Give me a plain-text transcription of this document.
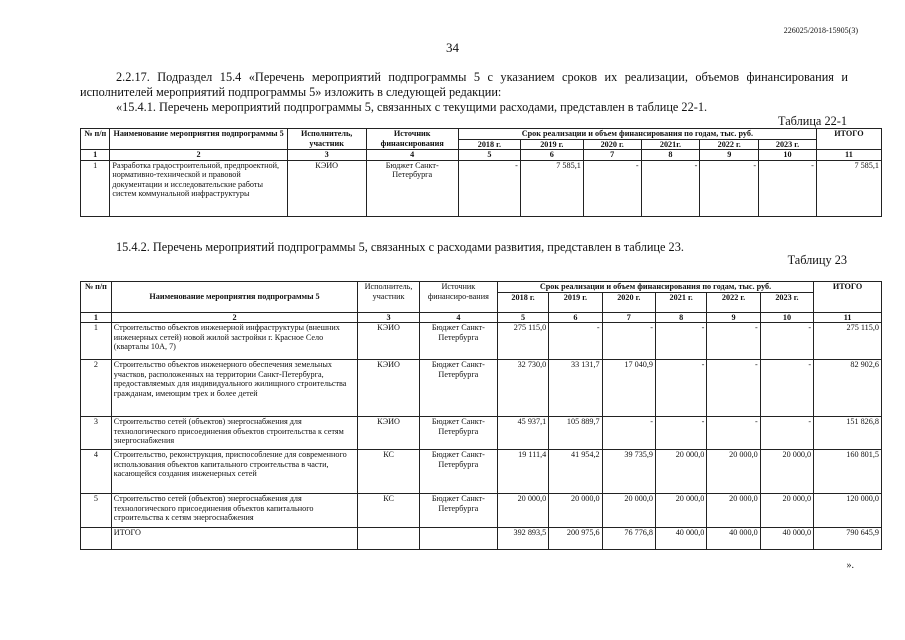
226025/2018-15905(3)
34
2.2.17. Подраздел 15.4 «Перечень мероприятий подпрограммы 5 с указанием сроков их реализации, объемов финансирования и исполнителей мероприятий подпрограммы 5» изложить в следующей редакции:
«15.4.1. Перечень мероприятий подпрограммы 5, связанных с текущими расходами, представлен в таблице 22-1.
Таблица 22-1
№ п/п	Наименование мероприятия подпрограммы 5	Исполнитель, участник	Источник финансирования	Срок реализации и объем финансирования по годам, тыс. руб.						ИТОГО
				2018 г.	2019 г.	2020 г.	2021г.	2022 г.	2023 г.	
1	2	3	4	5	6	7	8	9	10	11
1	Разработка градостроительной, предпроектной, нормативно-технической и правовой документации и исследовательские работы систем коммунальной инфраструктуры	КЭИО	Бюджет Санкт-Петербурга	-	7 585,1	-	-	-	-	7 585,1
15.4.2. Перечень мероприятий подпрограммы 5, связанных с расходами развития, представлен в таблице 23.
Таблицу 23
№ п/п	Наименование мероприятия подпрограммы 5	Исполнитель, участник	Источник финансиро-вания	Срок реализации и объем финансирования по годам, тыс. руб.						ИТОГО
				2018 г.	2019 г.	2020 г.	2021 г.	2022 г.	2023 г.	
1	2	3	4	5	6	7	8	9	10	11
1	Строительство объектов инженерной инфраструктуры (внешних инженерных сетей) новой жилой застройки г. Красное Село (кварталы 10А, 7)	КЭИО	Бюджет Санкт-Петербурга	275 115,0	-	-	-	-	-	275 115,0
2	Строительство объектов инженерного обеспечения земельных участков, расположенных на территории Санкт-Петербурга, предоставляемых для индивидуального жилищного строительства гражданам, имеющим трех и более детей	КЭИО	Бюджет Санкт-Петербурга	32 730,0	33 131,7	17 040,9	-	-	-	82 902,6
3	Строительство сетей (объектов) энергоснабжения для технологического присоединения объектов строительства к сетям энергоснабжения	КЭИО	Бюджет Санкт-Петербурга	45 937,1	105 889,7	-	-	-	-	151 826,8
4	Строительство, реконструкция, приспособление для современного использования объектов капитального строительства в части, касающейся создания инженерных сетей	КС	Бюджет Санкт-Петербурга	19 111,4	41 954,2	39 735,9	20 000,0	20 000,0	20 000,0	160 801,5
5	Строительство сетей (объектов) энергоснабжения для технологического присоединения объектов капитального строительства к сетям энергоснабжения	КС	Бюджет Санкт-Петербурга	20 000,0	20 000,0	20 000,0	20 000,0	20 000,0	20 000,0	120 000,0
	ИТОГО			392 893,5	200 975,6	76 776,8	40 000,0	40 000,0	40 000,0	790 645,9
».
